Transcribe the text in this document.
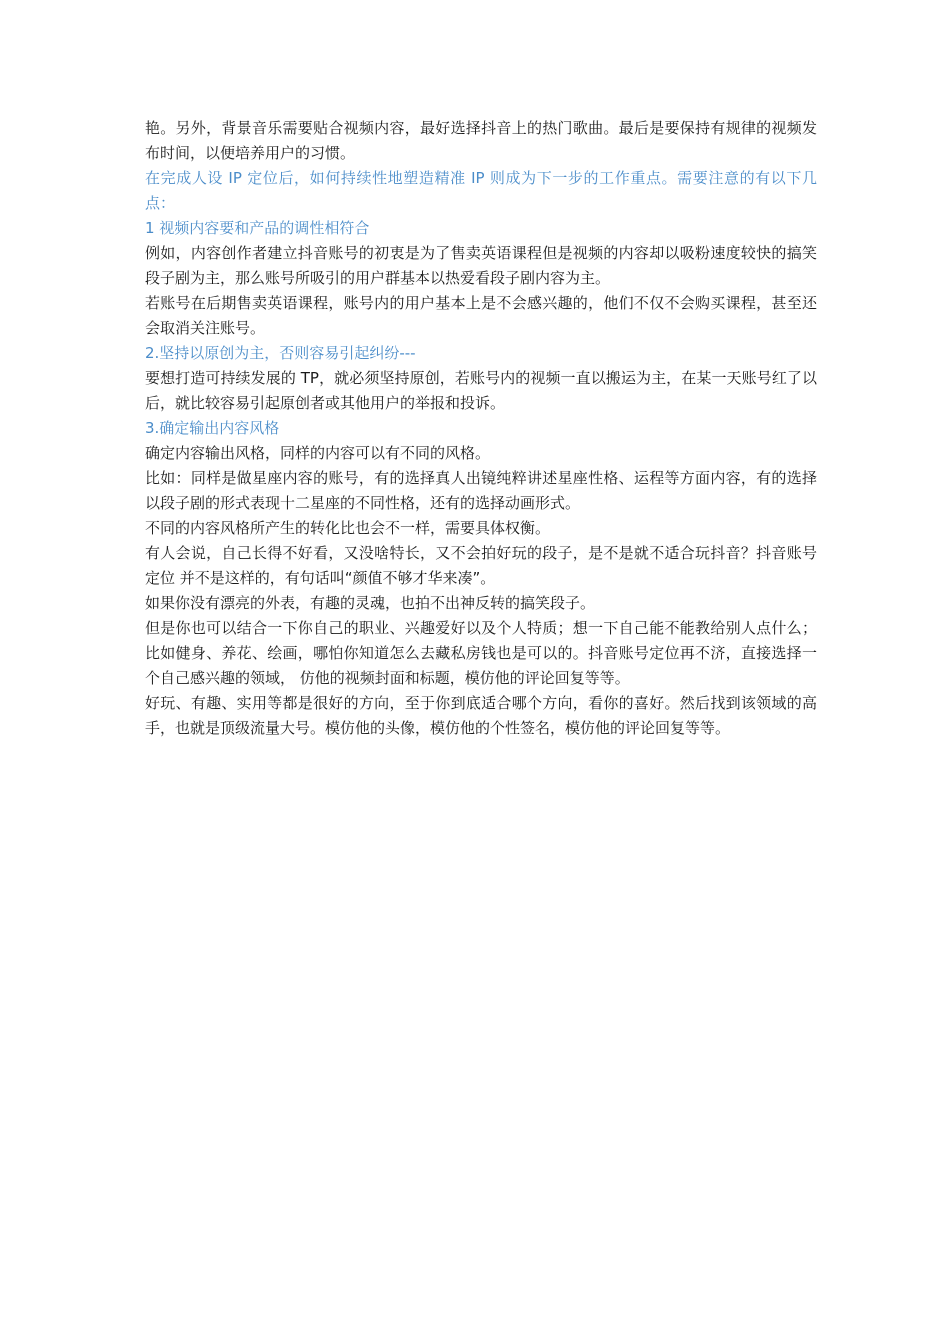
艳。另外，背景音乐需要贴合视频内容，最好选择抖音上的热门歌曲。最后是要保持有规律的视频发布时间，以便培养用户的习惯。

在完成人设 IP 定位后，如何持续性地塑造精准 IP 则成为下一步的工作重点。需要注意的有以下几点：

1 视频内容要和产品的调性相符合

例如，内容创作者建立抖音账号的初衷是为了售卖英语课程但是视频的内容却以吸粉速度较快的搞笑段子剧为主，那么账号所吸引的用户群基本以热爱看段子剧内容为主。

若账号在后期售卖英语课程，账号内的用户基本上是不会感兴趣的，他们不仅不会购买课程，甚至还会取消关注账号。

2.坚持以原创为主，否则容易引起纠纷---

要想打造可持续发展的 TP，就必须坚持原创，若账号内的视频一直以搬运为主，在某一天账号红了以后，就比较容易引起原创者或其他用户的举报和投诉。

3.确定输出内容风格

确定内容输出风格，同样的内容可以有不同的风格。

比如：同样是做星座内容的账号，有的选择真人出镜纯粹讲述星座性格、运程等方面内容，有的选择以段子剧的形式表现十二星座的不同性格，还有的选择动画形式。

不同的内容风格所产生的转化比也会不一样，需要具体权衡。

有人会说，自己长得不好看，又没啥特长，又不会拍好玩的段子，是不是就不适合玩抖音？抖音账号定位 并不是这样的，有句话叫“颜值不够才华来凑”。

如果你没有漂亮的外表，有趣的灵魂，也拍不出神反转的搞笑段子。

但是你也可以结合一下你自己的职业、兴趣爱好以及个人特质；想一下自己能不能教给别人点什么；比如健身、养花、绘画，哪怕你知道怎么去藏私房钱也是可以的。抖音账号定位再不济，直接选择一个自己感兴趣的领域， 仿他的视频封面和标题，模仿他的评论回复等等。

好玩、有趣、实用等都是很好的方向，至于你到底适合哪个方向，看你的喜好。然后找到该领域的高手，也就是顶级流量大号。模仿他的头像，模仿他的个性签名，模仿他的评论回复等等。
